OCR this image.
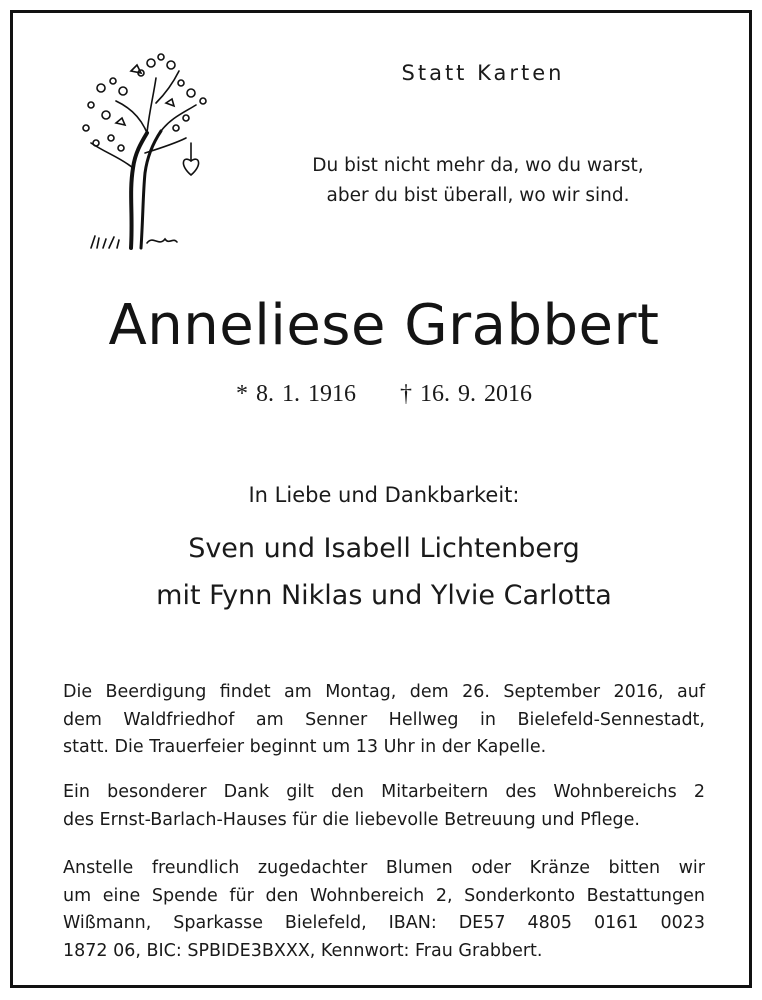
Statt Karten
Du bist nicht mehr da, wo du warst,
aber du bist überall, wo wir sind.
Anneliese Grabbert
* 8. 1. 1916 † 16. 9. 2016
In Liebe und Dankbarkeit:
Sven und Isabell Lichtenberg
mit Fynn Niklas und Ylvie Carlotta
Die Beerdigung findet am Montag, dem 26. September 2016, auf
dem Waldfriedhof am Senner Hellweg in Bielefeld-Sennestadt,
statt. Die Trauerfeier beginnt um 13 Uhr in der Kapelle.
Ein besonderer Dank gilt den Mitarbeitern des Wohnbereichs 2
des Ernst-Barlach-Hauses für die liebevolle Betreuung und Pflege.
Anstelle freundlich zugedachter Blumen oder Kränze bitten wir
um eine Spende für den Wohnbereich 2, Sonderkonto Bestattungen
Wißmann, Sparkasse Bielefeld, IBAN: DE57 4805 0161 0023
1872 06, BIC: SPBIDE3BXXX, Kennwort: Frau Grabbert.
